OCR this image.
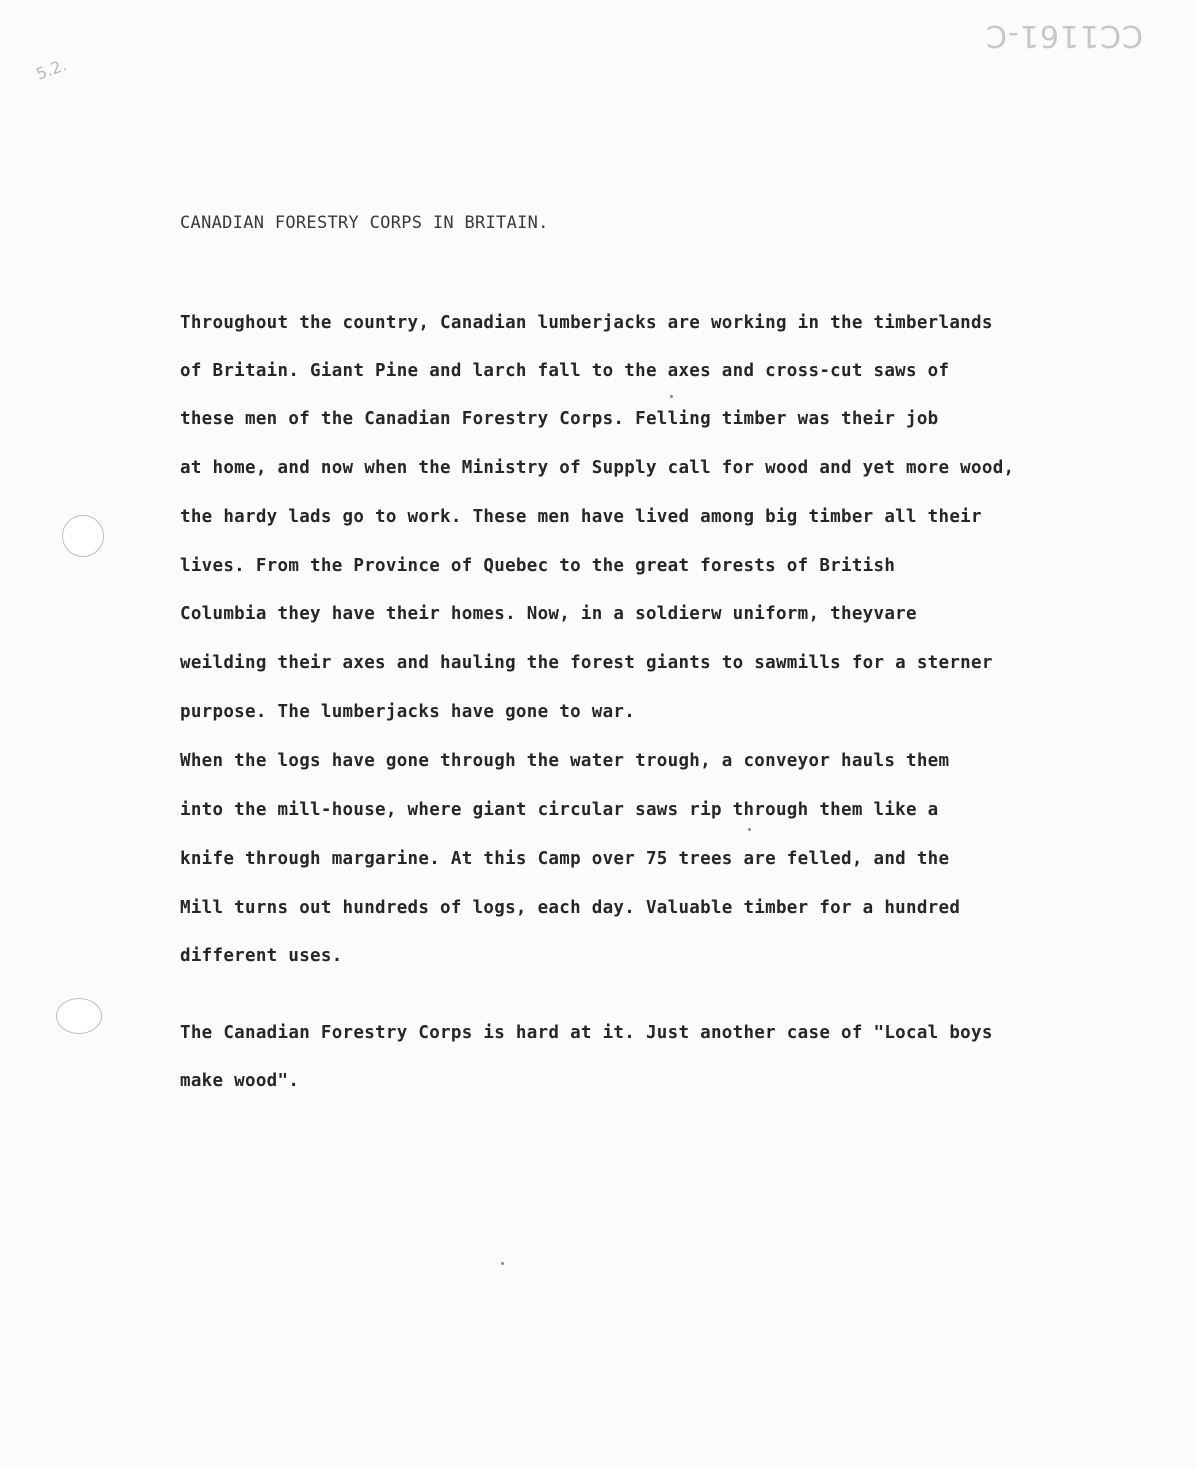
CC1161-C
5.2.
CANADIAN FORESTRY CORPS IN BRITAIN.
Throughout the country, Canadian lumberjacks are working in the timberlands
of Britain. Giant Pine and larch fall to the axes and cross-cut saws of
these men of the Canadian Forestry Corps. Felling timber was their job
at home, and now when the Ministry of Supply call for wood and yet more wood,
the hardy lads go to work. These men have lived among big timber all their
lives. From the Province of Quebec to the great forests of British
Columbia they have their homes. Now, in a soldierw uniform, theyvare
weilding their axes and hauling the forest giants to sawmills for a sterner
purpose. The lumberjacks have gone to war.
When the logs have gone through the water trough, a conveyor hauls them
into the mill-house, where giant circular saws rip through them like a
knife through margarine. At this Camp over 75 trees are felled, and the
Mill turns out hundreds of logs, each day. Valuable timber for a hundred
different uses.
The Canadian Forestry Corps is hard at it. Just another case of "Local boys
make wood".
